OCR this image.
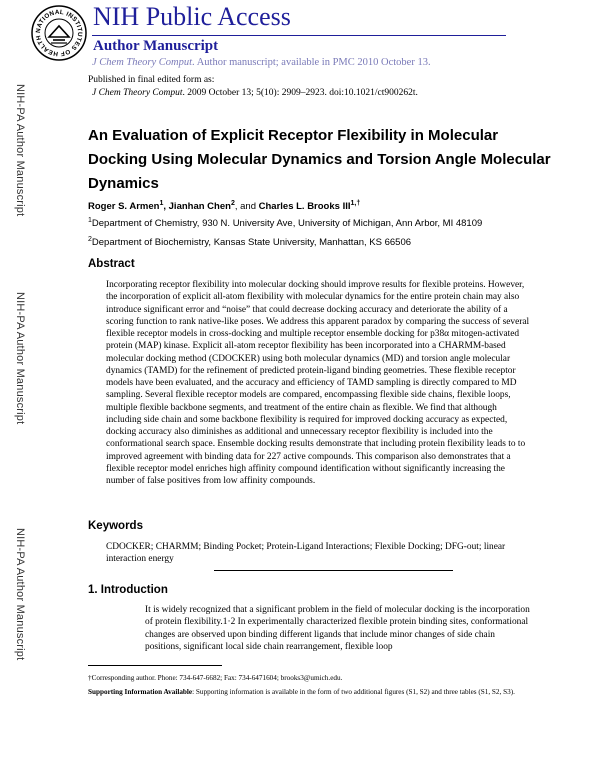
NATIONAL INSTITUTES OF HEALTH
NIH Public Access
Author Manuscript
J Chem Theory Comput. Author manuscript; available in PMC 2010 October 13.
Published in final edited form as:
J Chem Theory Comput. 2009 October 13; 5(10): 2909–2923. doi:10.1021/ct900262t.
NIH-PA Author Manuscript
NIH-PA Author Manuscript
NIH-PA Author Manuscript
An Evaluation of Explicit Receptor Flexibility in Molecular Docking Using Molecular Dynamics and Torsion Angle Molecular Dynamics
Roger S. Armen$^1$, Jianhan Chen$^2$, and Charles L. Brooks $III^{1,\dagger}$
$^1$Department of Chemistry, 930 N. University Ave, University of Michigan, Ann Arbor, MI 48109
$^2$Department of Biochemistry, Kansas State University, Manhattan, KS 66506
Abstract
Incorporating receptor flexibility into molecular docking should improve results for flexible proteins. However, the incorporation of explicit all-atom flexibility with molecular dynamics for the entire protein chain may also introduce significant error and “noise” that could decrease docking accuracy and deteriorate the ability of a scoring function to rank native-like poses. We address this apparent paradox by comparing the success of several flexible receptor models in cross-docking and multiple receptor ensemble docking for p38α mitogen-activated protein (MAP) kinase. Explicit all-atom receptor flexibility has been incorporated into a CHARMM-based molecular docking method (CDOCKER) using both molecular dynamics (MD) and torsion angle molecular dynamics (TAMD) for the refinement of predicted protein-ligand binding geometries. These flexible receptor models have been evaluated, and the accuracy and efficiency of TAMD sampling is directly compared to MD sampling. Several flexible receptor models are compared, encompassing flexible side chains, flexible loops, multiple flexible backbone segments, and treatment of the entire chain as flexible. We find that although including side chain and some backbone flexibility is required for improved docking accuracy as expected, docking accuracy also diminishes as additional and unnecessary receptor flexibility is included into the conformational search space. Ensemble docking results demonstrate that including protein flexibility leads to to improved agreement with binding data for 227 active compounds. This comparison also demonstrates that a flexible receptor model enriches high affinity compound identification without significantly increasing the number of false positives from low affinity compounds.
Keywords
CDOCKER; CHARMM; Binding Pocket; Protein-Ligand Interactions; Flexible Docking; DFG-out; linear interaction energy
1. Introduction
It is widely recognized that a significant problem in the field of molecular docking is the incorporation of protein flexibility.1·2 In experimentally characterized flexible protein binding sites, conformational changes are observed upon binding different ligands that include minor changes of side chain positions, significant local side chain rearrangement, flexible loop
†Corresponding author. Phone: 734-647-6682; Fax: 734-6471604; brooks3@umich.edu.
Supporting Information Available: Supporting information is available in the form of two additional figures (S1, S2) and three tables (S1, S2, S3).
